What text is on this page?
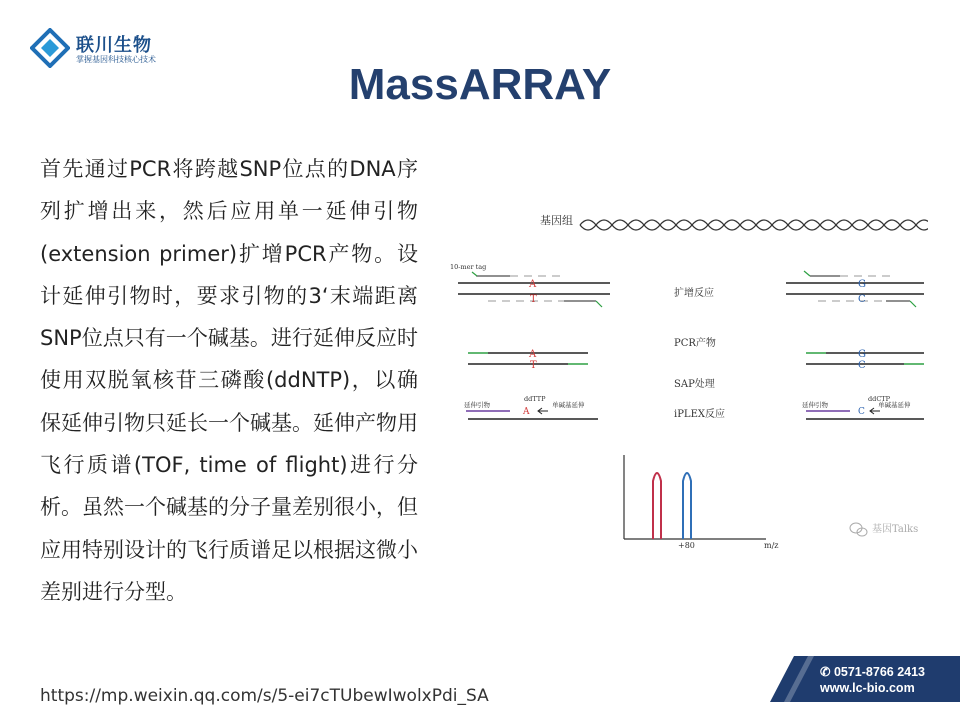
联川生物
掌握基因科技核心技术
MassARRAY
首先通过PCR将跨越SNP位点的DNA序列扩增出来，然后应用单一延伸引物(extension primer)扩增PCR产物。设计延伸引物时，要求引物的3‘末端距离SNP位点只有一个碱基。进行延伸反应时使用双脱氧核苷三磷酸(ddNTP)，以确保延伸引物只延长一个碱基。延伸产物用飞行质谱(TOF, time of flight)进行分析。虽然一个碱基的分子量差别很小，但应用特别设计的飞行质谱足以根据这微小差别进行分型。
基因组
10-mer tag
A
T
G
C
扩增反应
A
T
G
C
PCR产物
SAP处理
iPLEX反应
延伸引物
ddTTP
单碱基延伸
A
延伸引物
ddCTP
单碱基延伸
C
+80	m/z
基因Talks
https://mp.weixin.qq.com/s/5-ei7cTUbewIwolxPdi_SA
✆ 0571-8766 2413
www.lc-bio.com
